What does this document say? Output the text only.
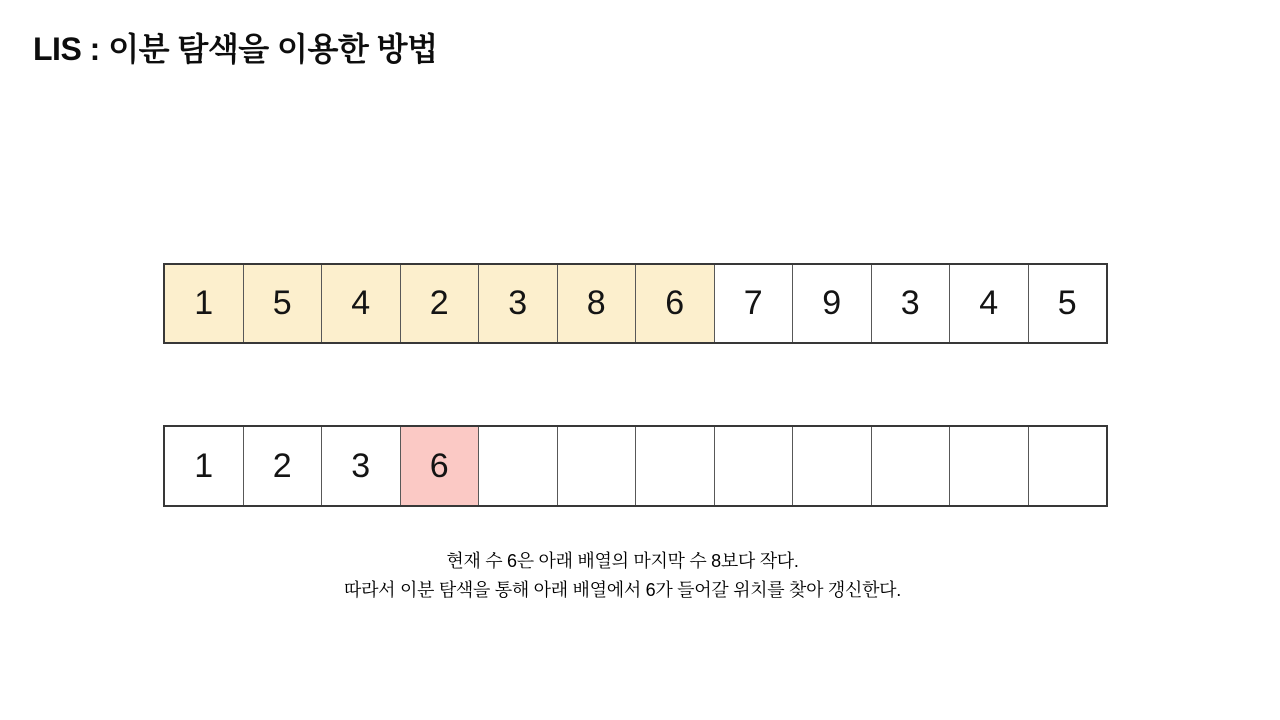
LIS : 이분 탐색을 이용한 방법
1	5	4	2	3	8	6	7	9	3	4	5
1	2	3	6
현재 수 6은 아래 배열의 마지막 수 8보다 작다.
따라서 이분 탐색을 통해 아래 배열에서 6가 들어갈 위치를 찾아 갱신한다.
